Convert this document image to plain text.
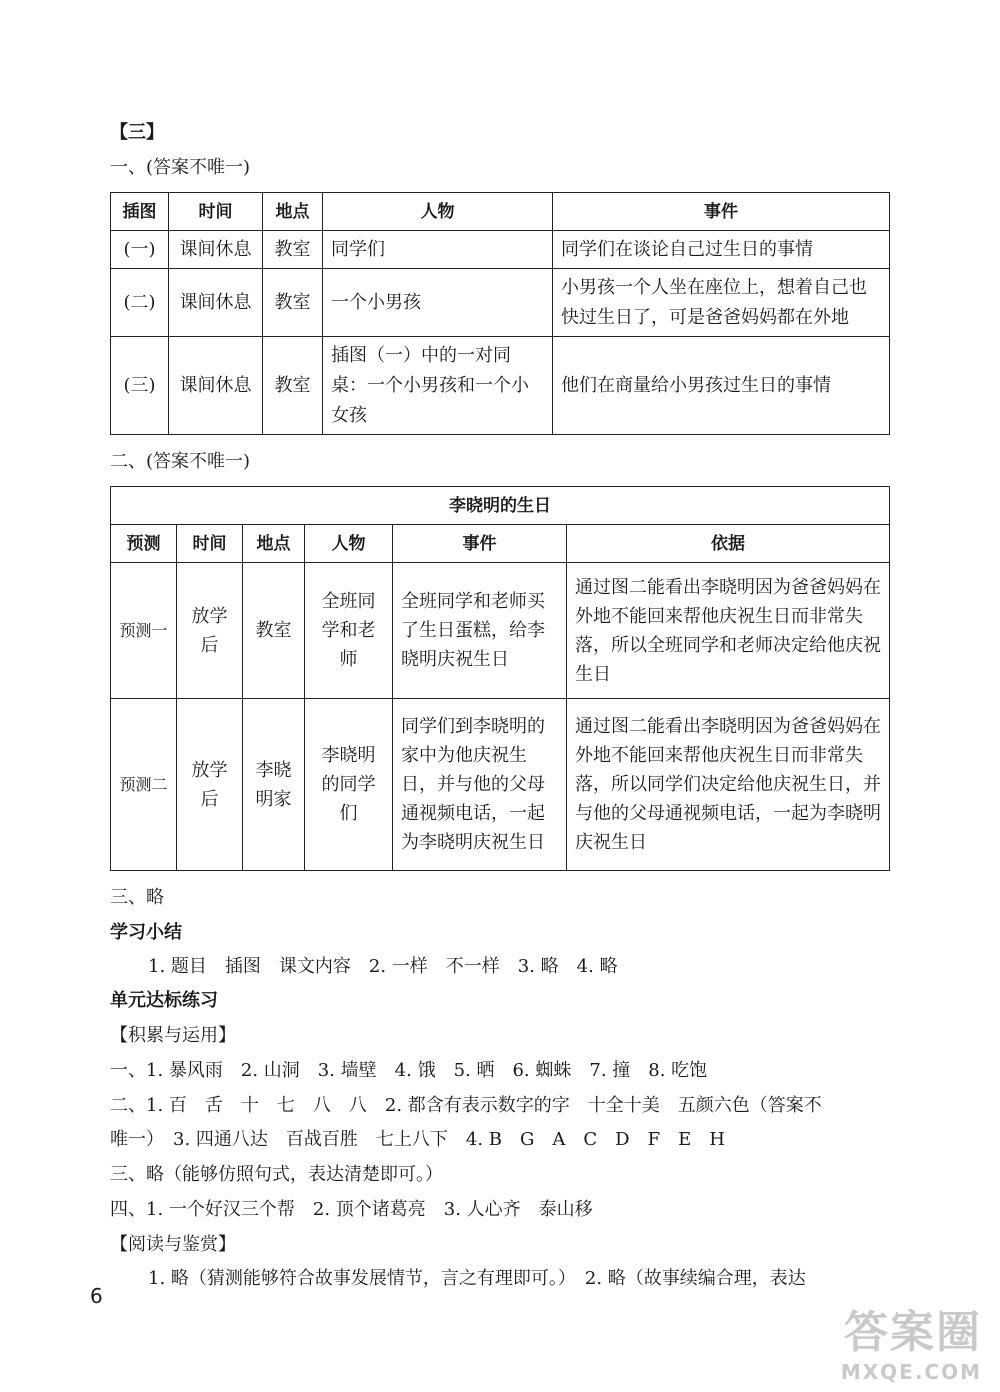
【三】
一、(答案不唯一)
插图	时间	地点	人物	事件
(一)	课间休息	教室	同学们	同学们在谈论自己过生日的事情
(二)	课间休息	教室	一个小男孩	小男孩一个人坐在座位上，想着自己也快过生日了，可是爸爸妈妈都在外地
(三)	课间休息	教室	插图（一）中的一对同桌：一个小男孩和一个小女孩	他们在商量给小男孩过生日的事情
二、(答案不唯一)
李晓明的生日					
预测	时间	地点	人物	事件	依据
预测一	放学后	教室	全班同学和老师	全班同学和老师买了生日蛋糕，给李晓明庆祝生日	通过图二能看出李晓明因为爸爸妈妈在外地不能回来帮他庆祝生日而非常失落，所以全班同学和老师决定给他庆祝生日
预测二	放学后	李晓明家	李晓明的同学们	同学们到李晓明的家中为他庆祝生日，并与他的父母通视频电话，一起为李晓明庆祝生日	通过图二能看出李晓明因为爸爸妈妈在外地不能回来帮他庆祝生日而非常失落，所以同学们决定给他庆祝生日，并与他的父母通视频电话，一起为李晓明庆祝生日
三、略
学习小结
1. 题目　插图　课文内容　2. 一样　不一样　3. 略　4. 略
单元达标练习
【积累与运用】
一、1. 暴风雨　2. 山洞　3. 墙壁　4. 饿　5. 晒　6. 蜘蛛　7. 撞　8. 吃饱
二、1. 百　舌　十　七　八　八　2. 都含有表示数字的字　十全十美　五颜六色（答案不
唯一）　3. 四通八达　百战百胜　七上八下　4. B　G　A　C　D　F　E　H
三、略（能够仿照句式，表达清楚即可。）
四、1. 一个好汉三个帮　2. 顶个诸葛亮　3. 人心齐　泰山移
【阅读与鉴赏】
1. 略（猜测能够符合故事发展情节，言之有理即可。）　2. 略（故事续编合理，表达
6
答案圈
MXQE.COM
